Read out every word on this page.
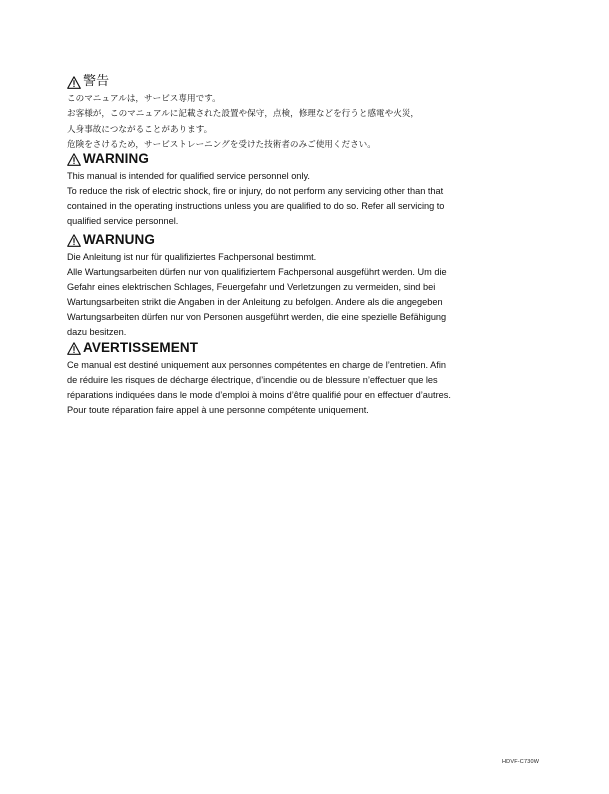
警告
このマニュアルは，サービス専用です。
お客様が，このマニュアルに記載された設置や保守，点検，修理などを行うと感電や火災，
人身事故につながることがあります。
危険をさけるため，サービストレーニングを受けた技術者のみご使用ください。
WARNING
This manual is intended for qualified service personnel only.
To reduce the risk of electric shock, fire or injury, do not perform any servicing other than that
contained in the operating instructions unless you are qualified to do so. Refer all servicing to
qualified service personnel.
WARNUNG
Die Anleitung ist nur für qualifiziertes Fachpersonal bestimmt.
Alle Wartungsarbeiten dürfen nur von qualifiziertem Fachpersonal ausgeführt werden. Um die
Gefahr eines elektrischen Schlages, Feuergefahr und Verletzungen zu vermeiden, sind bei
Wartungsarbeiten strikt die Angaben in der Anleitung zu befolgen. Andere als die angegeben
Wartungsarbeiten dürfen nur von Personen ausgeführt werden, die eine spezielle Befähigung
dazu besitzen.
AVERTISSEMENT
Ce manual est destiné uniquement aux personnes compétentes en charge de l’entretien. Afin
de réduire les risques de décharge électrique, d’incendie ou de blessure n’effectuer que les
réparations indiquées dans le mode d’emploi à moins d’être qualifié pour en effectuer d’autres.
Pour toute réparation faire appel à une personne compétente uniquement.
HDVF-C730W
